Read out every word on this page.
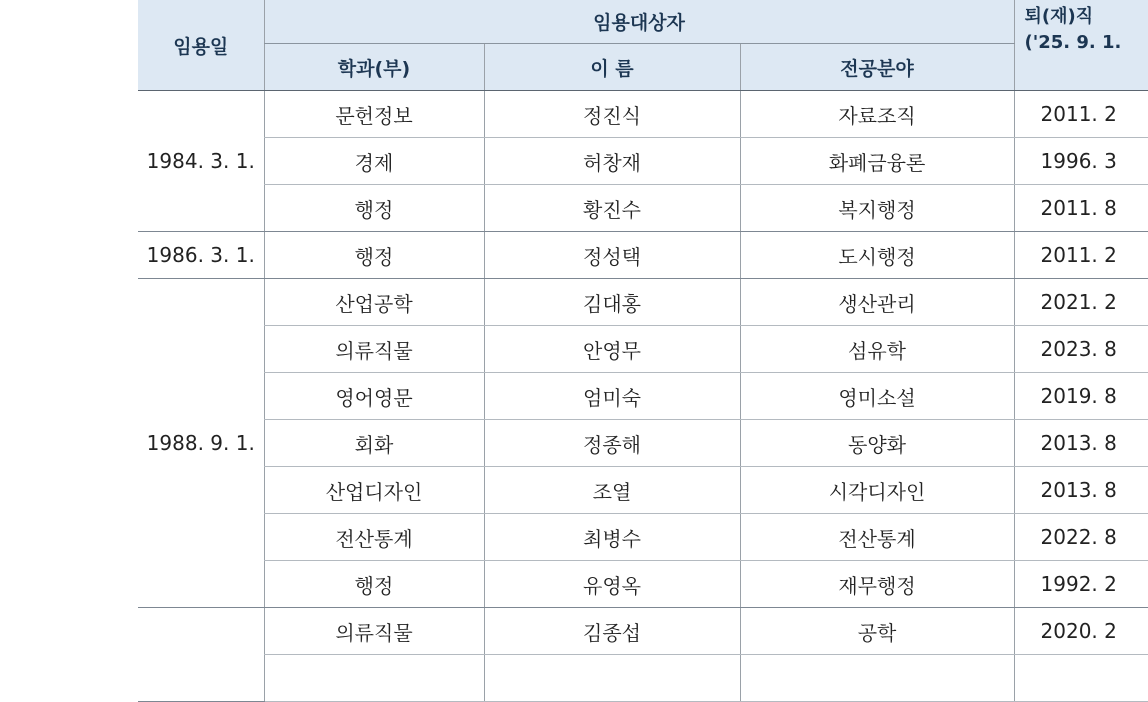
임용일	임용대상자			퇴(재)직
('25. 9. 1.

	학과(부)	이 름	전공분야	
1984. 3. 1.	문헌정보	정진식	자료조직	2011. 2
	경제	허창재	화폐금융론	1996. 3
	행정	황진수	복지행정	2011. 8
1986. 3. 1.	행정	정성택	도시행정	2011. 2
1988. 9. 1.	산업공학	김대홍	생산관리	2021. 2
	의류직물	안영무	섬유학	2023. 8
	영어영문	엄미숙	영미소설	2019. 8
	회화	정종해	동양화	2013. 8
	산업디자인	조열	시각디자인	2013. 8
	전산통계	최병수	전산통계	2022. 8
	행정	유영옥	재무행정	1992. 2
	의류직물	김종섭	공학	2020. 2
